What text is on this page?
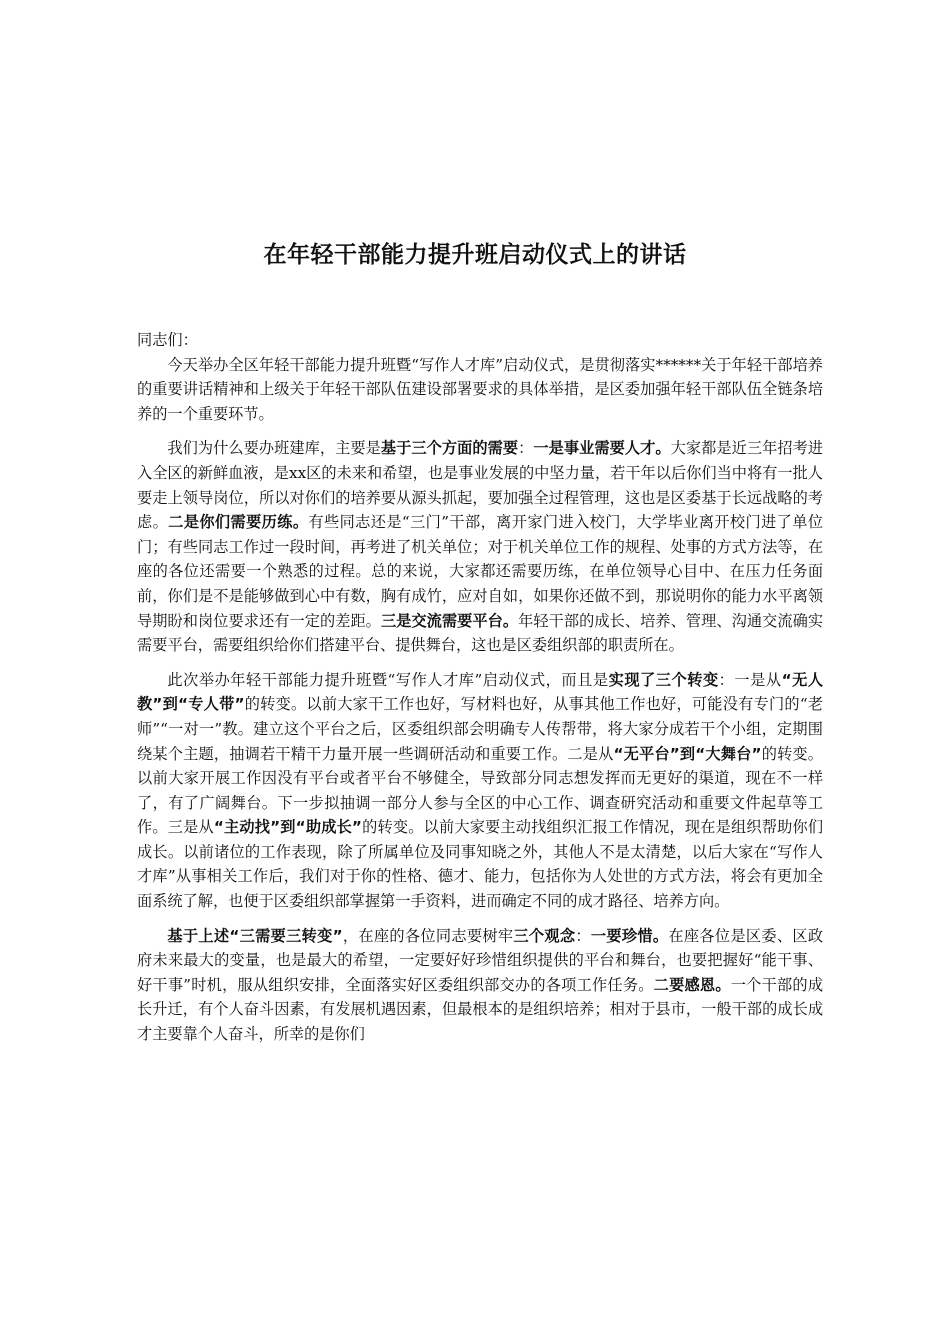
在年轻干部能力提升班启动仪式上的讲话

同志们：

今天举办全区年轻干部能力提升班暨“写作人才库”启动仪式，是贯彻落实******关于年轻干部培养的重要讲话精神和上级关于年轻干部队伍建设部署要求的具体举措，是区委加强年轻干部队伍全链条培养的一个重要环节。

我们为什么要办班建库，主要是基于三个方面的需要：一是事业需要人才。大家都是近三年招考进入全区的新鲜血液，是xx区的未来和希望，也是事业发展的中坚力量，若干年以后你们当中将有一批人要走上领导岗位，所以对你们的培养要从源头抓起，要加强全过程管理，这也是区委基于长远战略的考虑。二是你们需要历练。有些同志还是“三门”干部，离开家门进入校门，大学毕业离开校门进了单位门；有些同志工作过一段时间，再考进了机关单位；对于机关单位工作的规程、处事的方式方法等，在座的各位还需要一个熟悉的过程。总的来说，大家都还需要历练，在单位领导心目中、在压力任务面前，你们是不是能够做到心中有数，胸有成竹，应对自如，如果你还做不到，那说明你的能力水平离领导期盼和岗位要求还有一定的差距。三是交流需要平台。年轻干部的成长、培养、管理、沟通交流确实需要平台，需要组织给你们搭建平台、提供舞台，这也是区委组织部的职责所在。

此次举办年轻干部能力提升班暨“写作人才库”启动仪式，而且是实现了三个转变：一是从“无人教”到“专人带”的转变。以前大家干工作也好，写材料也好，从事其他工作也好，可能没有专门的“老师”“一对一”教。建立这个平台之后，区委组织部会明确专人传帮带，将大家分成若干个小组，定期围绕某个主题，抽调若干精干力量开展一些调研活动和重要工作。二是从“无平台”到“大舞台”的转变。以前大家开展工作因没有平台或者平台不够健全，导致部分同志想发挥而无更好的渠道，现在不一样了，有了广阔舞台。下一步拟抽调一部分人参与全区的中心工作、调查研究活动和重要文件起草等工作。三是从“主动找”到“助成长”的转变。以前大家要主动找组织汇报工作情况，现在是组织帮助你们成长。以前诸位的工作表现，除了所属单位及同事知晓之外，其他人不是太清楚，以后大家在“写作人才库”从事相关工作后，我们对于你的性格、德才、能力，包括你为人处世的方式方法，将会有更加全面系统了解，也便于区委组织部掌握第一手资料，进而确定不同的成才路径、培养方向。

基于上述“三需要三转变”，在座的各位同志要树牢三个观念：一要珍惜。在座各位是区委、区政府未来最大的变量，也是最大的希望，一定要好好珍惜组织提供的平台和舞台，也要把握好“能干事、好干事”时机，服从组织安排，全面落实好区委组织部交办的各项工作任务。二要感恩。一个干部的成长升迁，有个人奋斗因素，有发展机遇因素，但最根本的是组织培养；相对于县市，一般干部的成长成才主要靠个人奋斗，所幸的是你们
